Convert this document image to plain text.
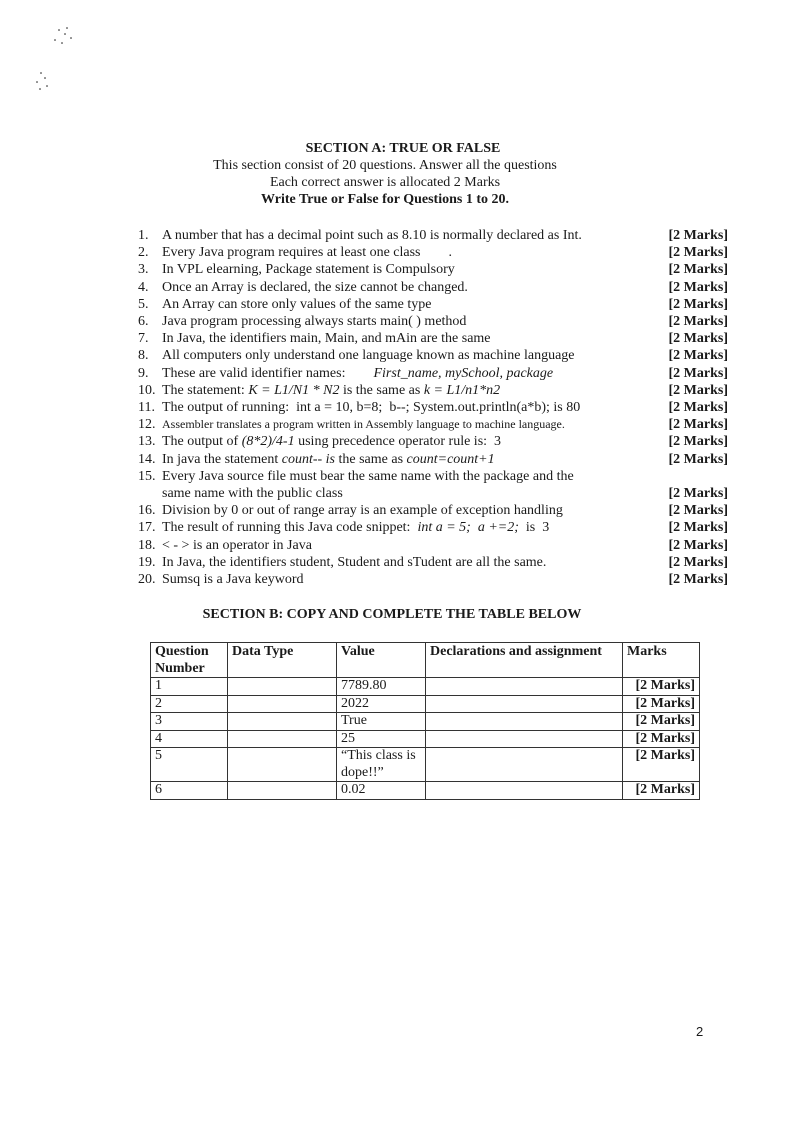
SECTION A: TRUE OR FALSE
This section consist of 20 questions. Answer all the questions
Each correct answer is allocated 2 Marks
Write True or False for Questions 1 to 20.
1. A number that has a decimal point such as 8.10 is normally declared as Int.	[2 Marks]
2. Every Java program requires at least one class        .	[2 Marks]
3. In VPL elearning, Package statement is Compulsory	[2 Marks]
4. Once an Array is declared, the size cannot be changed.	[2 Marks]
5. An Array can store only values of the same type	[2 Marks]
6. Java program processing always starts main( ) method	[2 Marks]
7. In Java, the identifiers main, Main, and mAin are the same	[2 Marks]
8. All computers only understand one language known as machine language	[2 Marks]
9. These are valid identifier names: First_name, mySchool, package	[2 Marks]
10. The statement: K = L1/N1 * N2 is the same as k = L1/n1*n2	[2 Marks]
11. The output of running:  int a = 10, b=8;  b--; System.out.println(a*b); is 80	[2 Marks]
12. Assembler translates a program written in Assembly language to machine language.	[2 Marks]
13. The output of (8*2)/4-1 using precedence operator rule is:  3	[2 Marks]
14. In java the statement count-- is the same as count=count+1	[2 Marks]
15. Every Java source file must bear the same name with the package and the
same name with the public class	[2 Marks]
16. Division by 0 or out of range array is an example of exception handling	[2 Marks]
17. The result of running this Java code snippet:  int a = 5;  a +=2;  is  3	[2 Marks]
18. < - > is an operator in Java	[2 Marks]
19. In Java, the identifiers student, Student and sTudent are all the same.	[2 Marks]
20. Sumsq is a Java keyword	[2 Marks]
SECTION B: COPY AND COMPLETE THE TABLE BELOW
Question Number	Data Type	Value	Declarations and assignment	Marks
1		7789.80		[2 Marks]
2		2022		[2 Marks]
3		True		[2 Marks]
4		25		[2 Marks]
5		“This class is dope!!”		[2 Marks]
6		0.02		[2 Marks]
2
